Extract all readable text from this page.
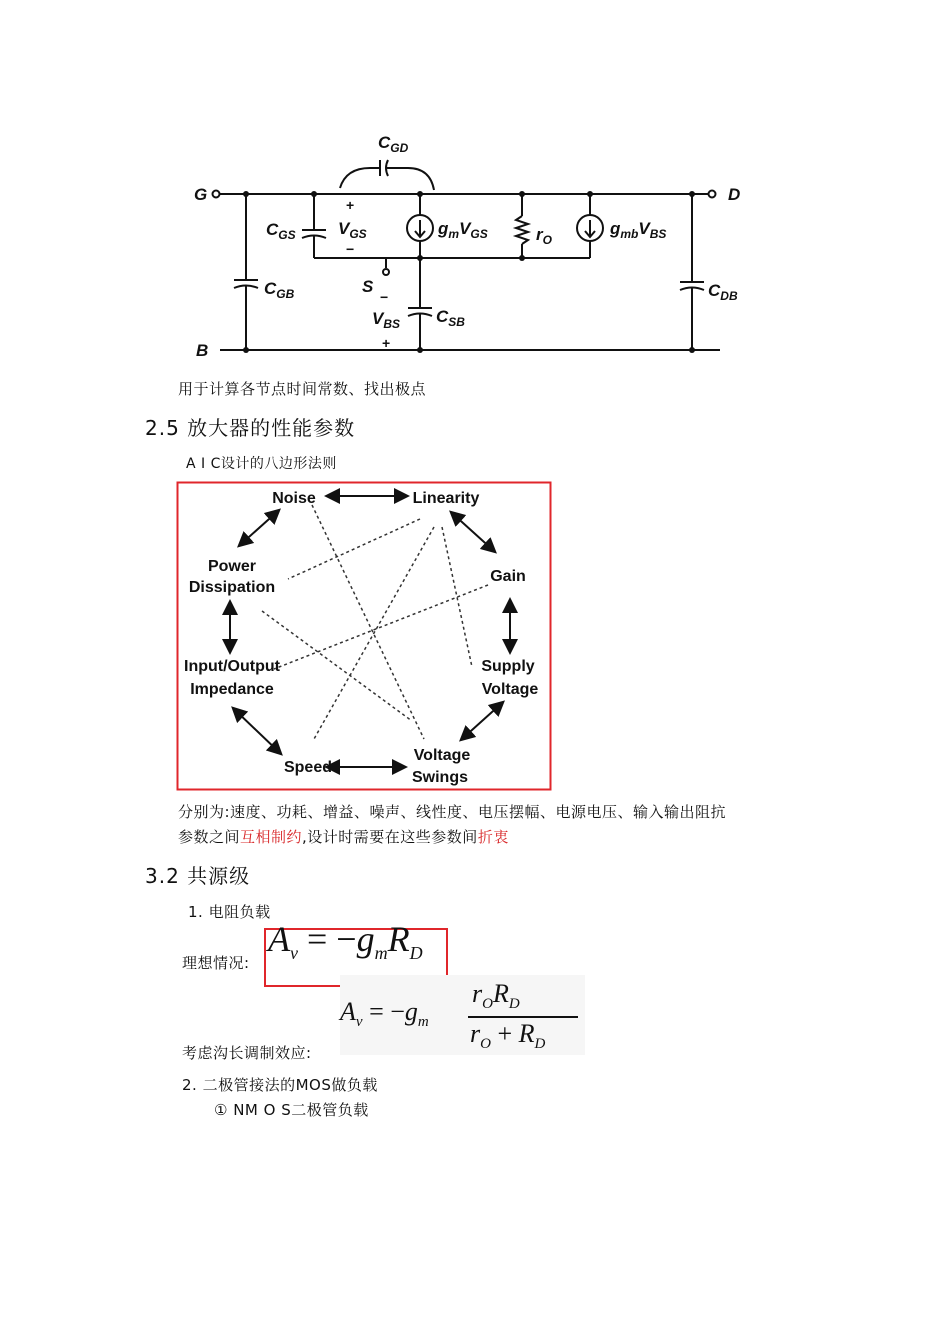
G	D
B
S
$C_{GD}$
$C_{GS}$
$C_{GB}$
$C_{SB}$
$C_{DB}$
$V_{GS}$
$V_{BS}$
$g_mV_{GS}$	$r_O$
$g_{mb}V_{BS}$
+
−
−
+
用于计算各节点时间常数、找出极点
2.5 放大器的性能参数
A I C设计的八边形法则
Noise	Linearity
Power
Dissipation
Gain
Input/Output
Impedance
Supply
Voltage
Speed
Voltage
Swings
分别为:速度、功耗、增益、噪声、线性度、电压摆幅、电源电压、输入输出阻抗
参数之间互相制约,设计时需要在这些参数间折衷
3.2 共源级
1. 电阻负载
理想情况:
$A_v = -g_mR_D$
$A_v = -g_m$
$r_OR_D$
$r_O + R_D$
考虑沟长调制效应:
2. 二极管接法的MOS做负载
① NM O S二极管负载
